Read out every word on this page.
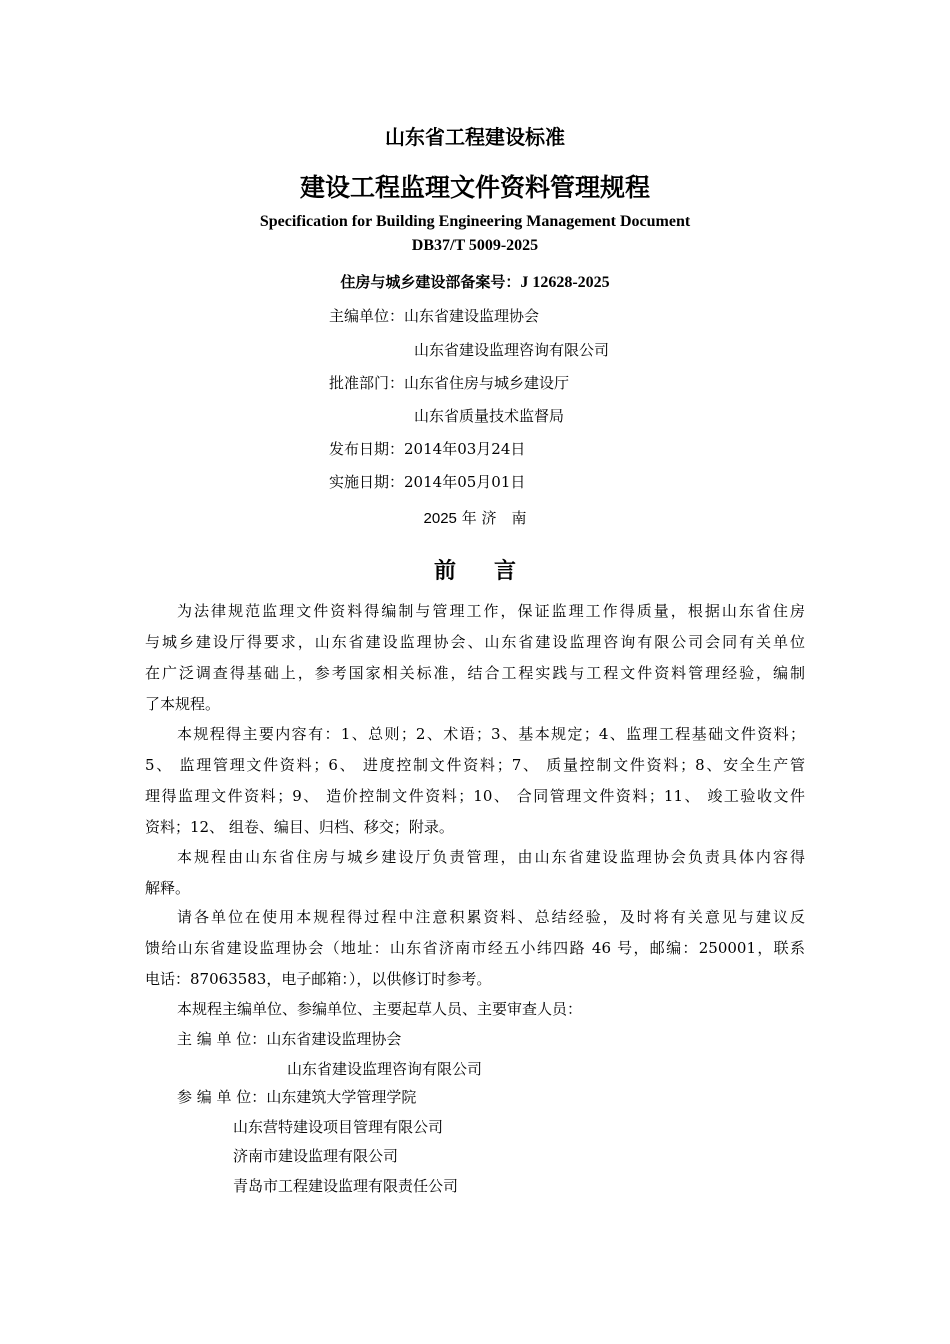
山东省工程建设标准
建设工程监理文件资料管理规程
Specification for Building Engineering Management Document
DB37/T 5009-2025
住房与城乡建设部备案号：J 12628-2025
主编单位：山东省建设监理协会
山东省建设监理咨询有限公司
批准部门：山东省住房与城乡建设厅
山东省质量技术监督局
发布日期：2014年03月24日
实施日期：2014年05月01日
2025 年 济　南
前言
为法律规范监理文件资料得编制与管理工作，保证监理工作得质量，根据山东省住房
与城乡建设厅得要求，山东省建设监理协会、山东省建设监理咨询有限公司会同有关单位
在广泛调查得基础上，参考国家相关标准，结合工程实践与工程文件资料管理经验，编制
了本规程。
本规程得主要内容有：1、总则；2、术语；3、基本规定；4、监理工程基础文件资料；
5、 监理管理文件资料；6、 进度控制文件资料；7、 质量控制文件资料；8、安全生产管
理得监理文件资料；9、 造价控制文件资料；10、 合同管理文件资料；11、 竣工验收文件
资料；12、 组卷、编目、归档、移交；附录。
本规程由山东省住房与城乡建设厅负责管理，由山东省建设监理协会负责具体内容得
解释。
请各单位在使用本规程得过程中注意积累资料、总结经验，及时将有关意见与建议反
馈给山东省建设监理协会（地址：山东省济南市经五小纬四路 46 号，邮编：250001，联系
电话：87063583，电子邮箱：），以供修订时参考。
本规程主编单位、参编单位、主要起草人员、主要审查人员：
主 编 单 位：山东省建设监理协会
山东省建设监理咨询有限公司
参 编 单 位：山东建筑大学管理学院
山东营特建设项目管理有限公司
济南市建设监理有限公司
青岛市工程建设监理有限责任公司
